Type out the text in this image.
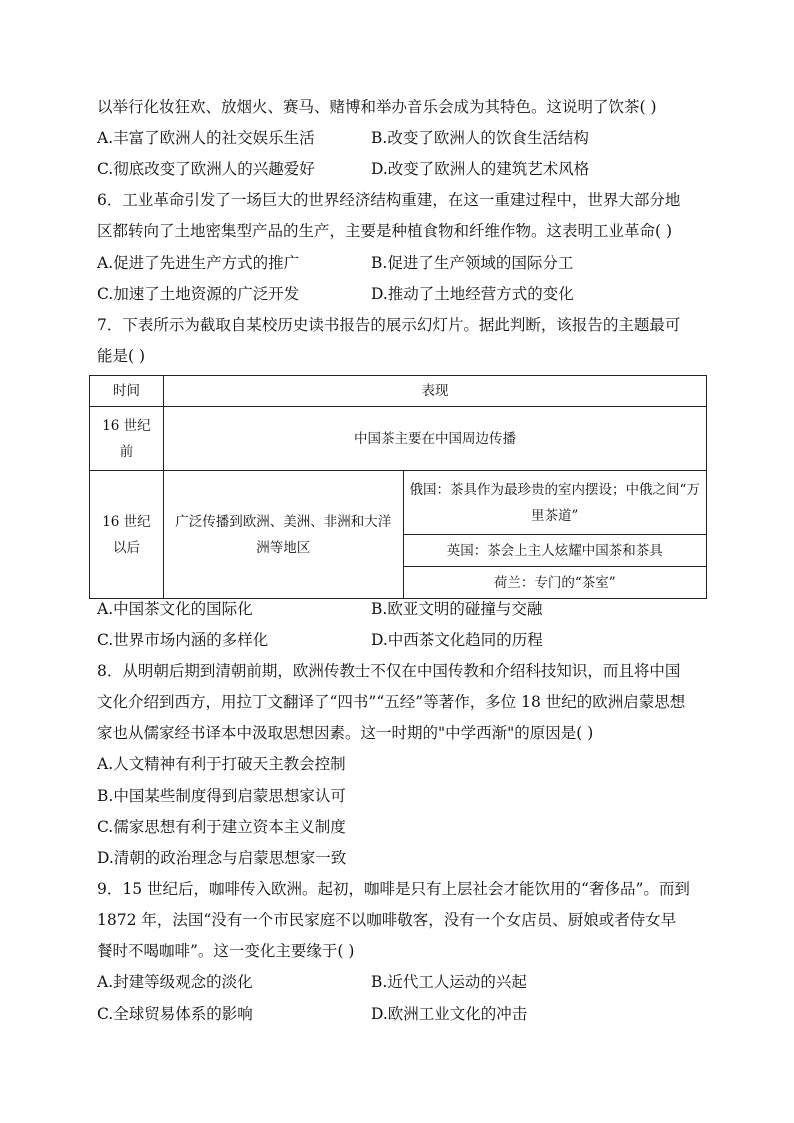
以举行化妆狂欢、放烟火、赛马、赌博和举办音乐会成为其特色。这说明了饮茶( )
A.丰富了欧洲人的社交娱乐生活	B.改变了欧洲人的饮食生活结构
C.彻底改变了欧洲人的兴趣爱好	D.改变了欧洲人的建筑艺术风格
6．工业革命引发了一场巨大的世界经济结构重建，在这一重建过程中，世界大部分地
区都转向了土地密集型产品的生产，主要是种植食物和纤维作物。这表明工业革命( )
A.促进了先进生产方式的推广	B.促进了生产领域的国际分工
C.加速了土地资源的广泛开发	D.推动了土地经营方式的变化
7．下表所示为截取自某校历史读书报告的展示幻灯片。据此判断，该报告的主题最可
能是( )
时间	表现	
16 世纪前	中国茶主要在中国周边传播	
16 世纪以后	广泛传播到欧洲、美洲、非洲和大洋洲等地区	俄国：茶具作为最珍贵的室内摆设；中俄之间“万里茶道”
		英国：茶会上主人炫耀中国茶和茶具
		荷兰：专门的“茶室”
A.中国茶文化的国际化	B.欧亚文明的碰撞与交融
C.世界市场内涵的多样化	D.中西茶文化趋同的历程
8．从明朝后期到清朝前期，欧洲传教士不仅在中国传教和介绍科技知识，而且将中国
文化介绍到西方，用拉丁文翻译了“四书”“五经”等著作，多位 18 世纪的欧洲启蒙思想
家也从儒家经书译本中汲取思想因素。这一时期的"中学西渐"的原因是( )
A.人文精神有利于打破天主教会控制
B.中国某些制度得到启蒙思想家认可
C.儒家思想有利于建立资本主义制度
D.清朝的政治理念与启蒙思想家一致
9．15 世纪后，咖啡传入欧洲。起初，咖啡是只有上层社会才能饮用的“奢侈品”。而到
1872 年，法国“没有一个市民家庭不以咖啡敬客，没有一个女店员、厨娘或者侍女早
餐时不喝咖啡”。这一变化主要缘于( )
A.封建等级观念的淡化	B.近代工人运动的兴起
C.全球贸易体系的影响	D.欧洲工业文化的冲击
